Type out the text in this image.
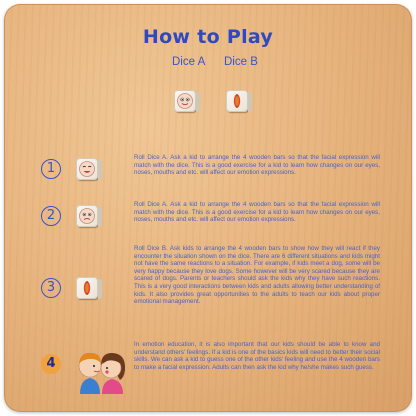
How to Play
Dice A Dice B
1
Roll Dice A. Ask a kid to arrange the 4 wooden bars so that the facial expression will match with the dice. This is a good exercise for a kid to learn how changes on our eyes, noses, mouths and etc. will affect our emotion expressions.
2
Roll Dice A. Ask a kid to arrange the 4 wooden bars so that the facial expression will match with the dice. This is a good exercise for a kid to learn how changes on our eyes, noses, mouths and etc. will affect our emotion expressions.
3
Roll Dice B. Ask kids to arrange the 4 wooden bars to show how they will react if they encounter the situation shown on the dice. There are 6 different situations and kids might not have the same reactions to a situation. For example, if kids meet a dog, some will be very happy because they love dogs. Some however will be very scared because they are scared of dogs. Parents or teachers should ask the kids why they have such reactions. This is a very good interactions between kids and adults allowing better understanding of kids. It also provides great opportunities to the adults to teach our kids about proper emotional management.
4
In emotion education, it is also important that our kids should be able to know and understand others' feelings. If a kid is one of the basics kids will need to better their social skills. We can ask a kid to guess one of the other kids' feeling and use the 4 wooden bars to make a facial expression. Adults can then ask the kid why he/she makes such guess.
